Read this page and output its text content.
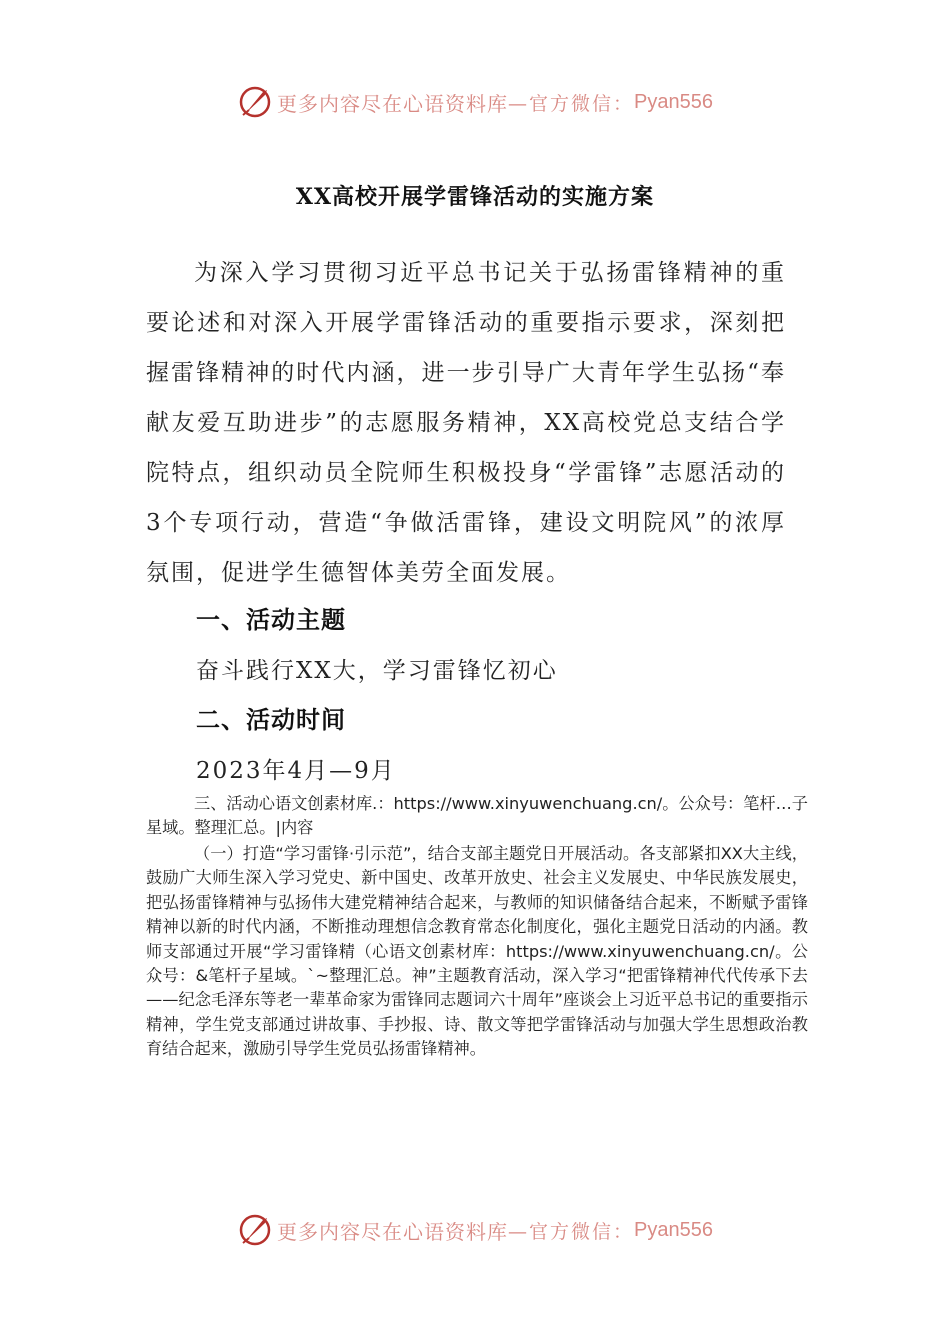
更多内容尽在心语资料库 —官方微信： Pyan556
XX高校开展学雷锋活动的实施方案

为深入学习贯彻习近平总书记关于弘扬雷锋精神的重要论述和对深入开展学雷锋活动的重要指示要求，深刻把握雷锋精神的时代内涵，进一步引导广大青年学生弘扬“奉献友爱互助进步”的志愿服务精神，XX高校党总支结合学院特点，组织动员全院师生积极投身“学雷锋”志愿活动的3个专项行动，营造“争做活雷锋，建设文明院风”的浓厚氛围，促进学生德智体美劳全面发展。

一、活动主题

奋斗践行XX大，学习雷锋忆初心

二、活动时间

2023年4月—9月

三、活动心语文创素材库.：https://www.xinyuwenchuang.cn/。公众号：笔杆…子星域。整理汇总。|内容

（一）打造“学习雷锋·引示范”，结合支部主题党日开展活动。各支部紧扣XX大主线，鼓励广大师生深入学习党史、新中国史、改革开放史、社会主义发展史、中华民族发展史，把弘扬雷锋精神与弘扬伟大建党精神结合起来，与教师的知识储备结合起来，不断赋予雷锋精神以新的时代内涵，不断推动理想信念教育常态化制度化，强化主题党日活动的内涵。教师支部通过开展“学习雷锋精（心语文创素材库：https://www.xinyuwenchuang.cn/。公众号：&笔杆子星域。`~整理汇总。神”主题教育活动，深入学习“把雷锋精神代代传承下去——纪念毛泽东等老一辈革命家为雷锋同志题词六十周年”座谈会上习近平总书记的重要指示精神，学生党支部通过讲故事、手抄报、诗、散文等把学雷锋活动与加强大学生思想政治教育结合起来，激励引导学生党员弘扬雷锋精神。

更多内容尽在心语资料库 —官方微信： Pyan556
